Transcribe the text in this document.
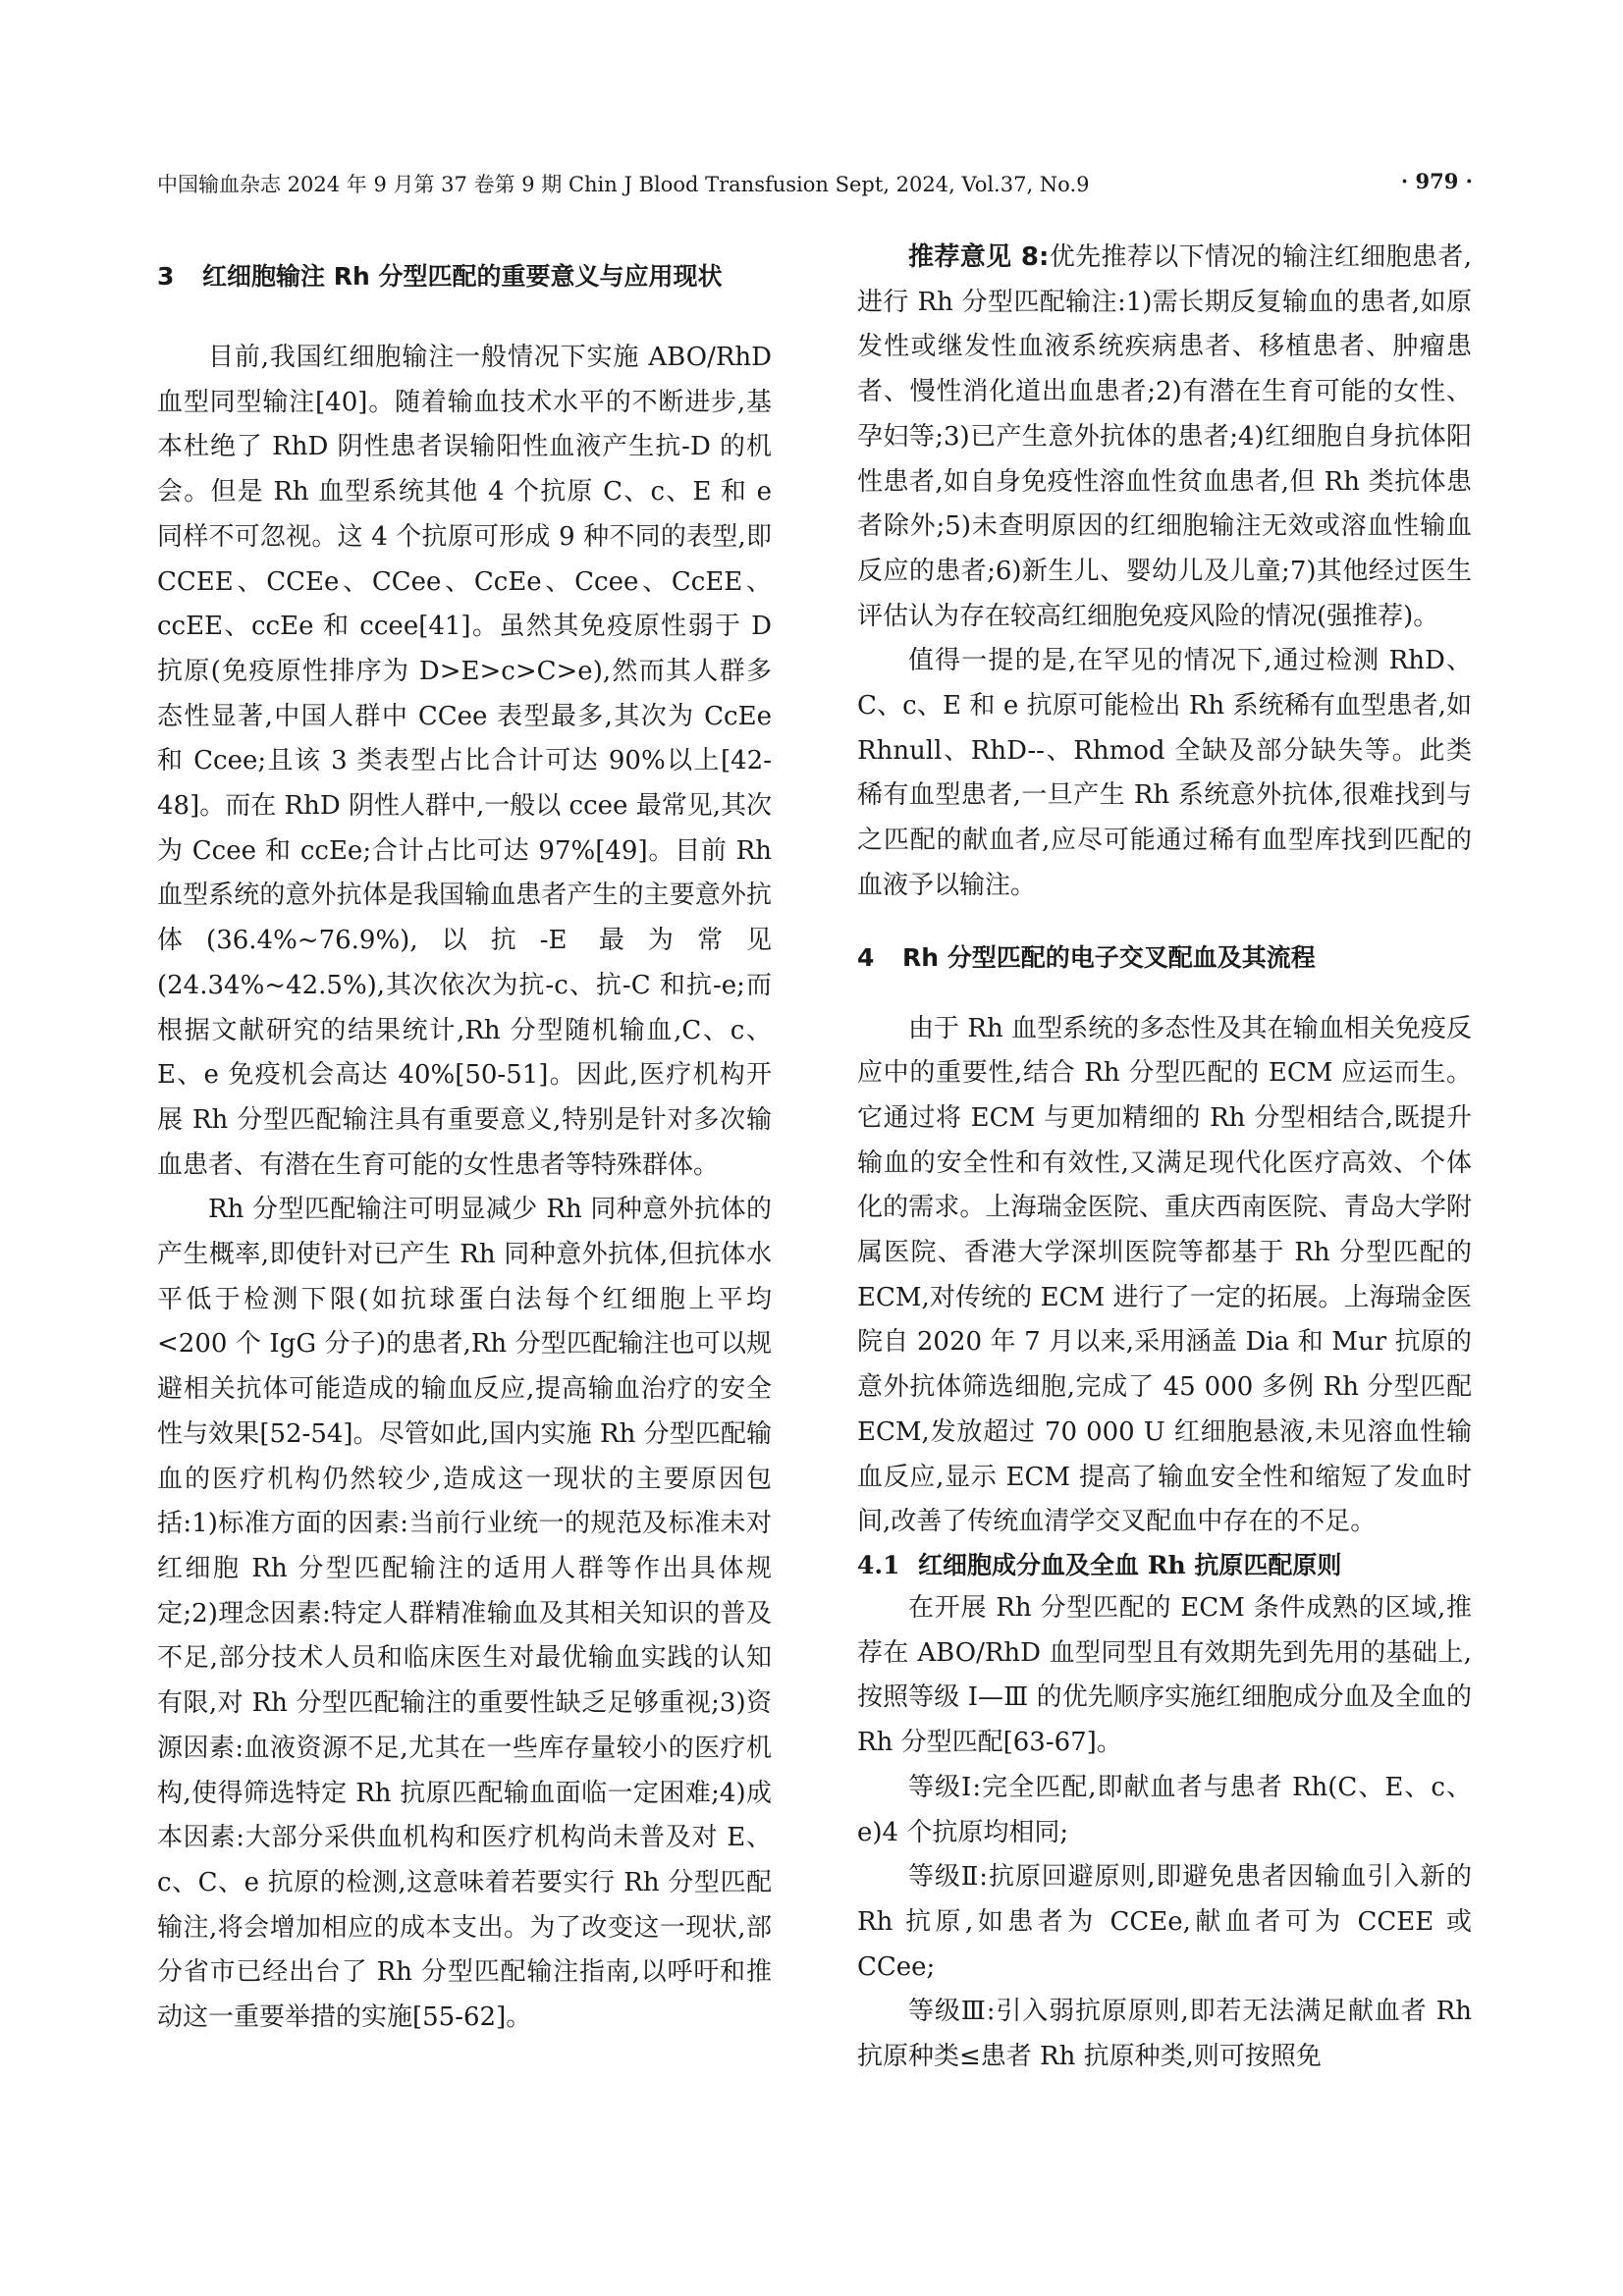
中国输血杂志 2024 年 9 月第 37 卷第 9 期 Chin J Blood Transfusion Sept, 2024, Vol.37, No.9	· 979 ·
3 红细胞输注 Rh 分型匹配的重要意义与应用现状

目前,我国红细胞输注一般情况下实施 ABO/RhD 血型同型输注[40]。随着输血技术水平的不断进步,基本杜绝了 RhD 阴性患者误输阳性血液产生抗-D 的机会。但是 Rh 血型系统其他 4 个抗原 C、c、E 和 e 同样不可忽视。这 4 个抗原可形成 9 种不同的表型,即 CCEE、CCEe、CCee、CcEe、Ccee、CcEE、ccEE、ccEe 和 ccee[41]。虽然其免疫原性弱于 D 抗原(免疫原性排序为 D>E>c>C>e),然而其人群多态性显著,中国人群中 CCee 表型最多,其次为 CcEe 和 Ccee;且该 3 类表型占比合计可达 90%以上[42-48]。而在 RhD 阴性人群中,一般以 ccee 最常见,其次为 Ccee 和 ccEe;合计占比可达 97%[49]。目前 Rh 血型系统的意外抗体是我国输血患者产生的主要意外抗体(36.4%~76.9%),以抗-E 最为常见(24.34%~42.5%),其次依次为抗-c、抗-C 和抗-e;而根据文献研究的结果统计,Rh 分型随机输血,C、c、E、e 免疫机会高达 40%[50-51]。因此,医疗机构开展 Rh 分型匹配输注具有重要意义,特别是针对多次输血患者、有潜在生育可能的女性患者等特殊群体。

Rh 分型匹配输注可明显减少 Rh 同种意外抗体的产生概率,即使针对已产生 Rh 同种意外抗体,但抗体水平低于检测下限(如抗球蛋白法每个红细胞上平均<200 个 IgG 分子)的患者,Rh 分型匹配输注也可以规避相关抗体可能造成的输血反应,提高输血治疗的安全性与效果[52-54]。尽管如此,国内实施 Rh 分型匹配输血的医疗机构仍然较少,造成这一现状的主要原因包括:1)标准方面的因素:当前行业统一的规范及标准未对红细胞 Rh 分型匹配输注的适用人群等作出具体规定;2)理念因素:特定人群精准输血及其相关知识的普及不足,部分技术人员和临床医生对最优输血实践的认知有限,对 Rh 分型匹配输注的重要性缺乏足够重视;3)资源因素:血液资源不足,尤其在一些库存量较小的医疗机构,使得筛选特定 Rh 抗原匹配输血面临一定困难;4)成本因素:大部分采供血机构和医疗机构尚未普及对 E、c、C、e 抗原的检测,这意味着若要实行 Rh 分型匹配输注,将会增加相应的成本支出。为了改变这一现状,部分省市已经出台了 Rh 分型匹配输注指南,以呼吁和推动这一重要举措的实施[55-62]。

推荐意见 8:优先推荐以下情况的输注红细胞患者,进行 Rh 分型匹配输注:1)需长期反复输血的患者,如原发性或继发性血液系统疾病患者、移植患者、肿瘤患者、慢性消化道出血患者;2)有潜在生育可能的女性、孕妇等;3)已产生意外抗体的患者;4)红细胞自身抗体阳性患者,如自身免疫性溶血性贫血患者,但 Rh 类抗体患者除外;5)未查明原因的红细胞输注无效或溶血性输血反应的患者;6)新生儿、婴幼儿及儿童;7)其他经过医生评估认为存在较高红细胞免疫风险的情况(强推荐)。

值得一提的是,在罕见的情况下,通过检测 RhD、C、c、E 和 e 抗原可能检出 Rh 系统稀有血型患者,如 Rhnull、RhD--、Rhmod 全缺及部分缺失等。此类稀有血型患者,一旦产生 Rh 系统意外抗体,很难找到与之匹配的献血者,应尽可能通过稀有血型库找到匹配的血液予以输注。

4 Rh 分型匹配的电子交叉配血及其流程

由于 Rh 血型系统的多态性及其在输血相关免疫反应中的重要性,结合 Rh 分型匹配的 ECM 应运而生。它通过将 ECM 与更加精细的 Rh 分型相结合,既提升输血的安全性和有效性,又满足现代化医疗高效、个体化的需求。上海瑞金医院、重庆西南医院、青岛大学附属医院、香港大学深圳医院等都基于 Rh 分型匹配的 ECM,对传统的 ECM 进行了一定的拓展。上海瑞金医院自 2020 年 7 月以来,采用涵盖 Dia 和 Mur 抗原的意外抗体筛选细胞,完成了 45 000 多例 Rh 分型匹配 ECM,发放超过 70 000 U 红细胞悬液,未见溶血性输血反应,显示 ECM 提高了输血安全性和缩短了发血时间,改善了传统血清学交叉配血中存在的不足。

4.1 红细胞成分血及全血 Rh 抗原匹配原则

在开展 Rh 分型匹配的 ECM 条件成熟的区域,推荐在 ABO/RhD 血型同型且有效期先到先用的基础上,按照等级 Ⅰ—Ⅲ 的优先顺序实施红细胞成分血及全血的 Rh 分型匹配[63-67]。

等级Ⅰ:完全匹配,即献血者与患者 Rh(C、E、c、e)4 个抗原均相同;

等级Ⅱ:抗原回避原则,即避免患者因输血引入新的 Rh 抗原,如患者为 CCEe,献血者可为 CCEE 或 CCee;

等级Ⅲ:引入弱抗原原则,即若无法满足献血者 Rh 抗原种类≤患者 Rh 抗原种类,则可按照免
